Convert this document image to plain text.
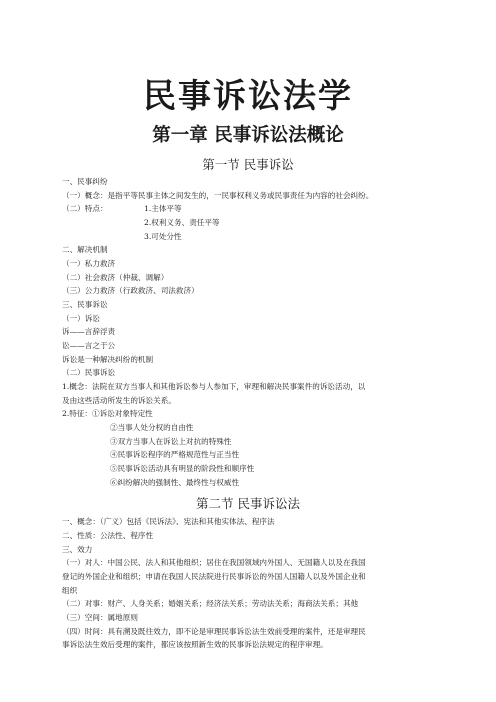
民事诉讼法学
第一章 民事诉讼法概论
第一节 民事诉讼
一、民事纠纷
（一）概念：是指平等民事主体之间发生的，一民事权利义务或民事责任为内容的社会纠纷。
（二）特点：	1.主体平等
2.权利义务、责任平等
3.可处分性
二、解决机制
（一）私力救济
（二）社会救济（仲裁、调解）
（三）公力救济（行政救济、司法救济）
三、民事诉讼
（一）诉讼
诉——言辞浮责
讼——言之于公
诉讼是一种解决纠纷的机制
（二）民事诉讼
1.概念：法院在双方当事人和其他诉讼参与人参加下，审理和解决民事案件的诉讼活动，以
及由这些活动所发生的诉讼关系。
2.特征：①诉讼对象特定性
②当事人处分权的自由性
③双方当事人在诉讼上对抗的特殊性
④民事诉讼程序的严格规范性与正当性
⑤民事诉讼活动具有明显的阶段性和顺序性
⑥纠纷解决的强制性、最终性与权威性
第二节 民事诉讼法
一、概念：（广义）包括《民诉法》、宪法和其他实体法、程序法
二、性质：公法性、程序性
三、效力
（一）对人：中国公民、法人和其他组织；居住在我国领域内外国人、无国籍人以及在我国
登记的外国企业和组织；申请在我国人民法院进行民事诉讼的外国人国籍人以及外国企业和
组织
（二）对事：财产、人身关系；婚姻关系；经济法关系；劳动法关系；海商法关系；其他
（三）空间：属地原则
（四）时间：具有溯及既往效力，即不论是审理民事诉讼法生效前受理的案件，还是审理民
事诉讼法生效后受理的案件，都应该按照新生效的民事诉讼法规定的程序审理。
